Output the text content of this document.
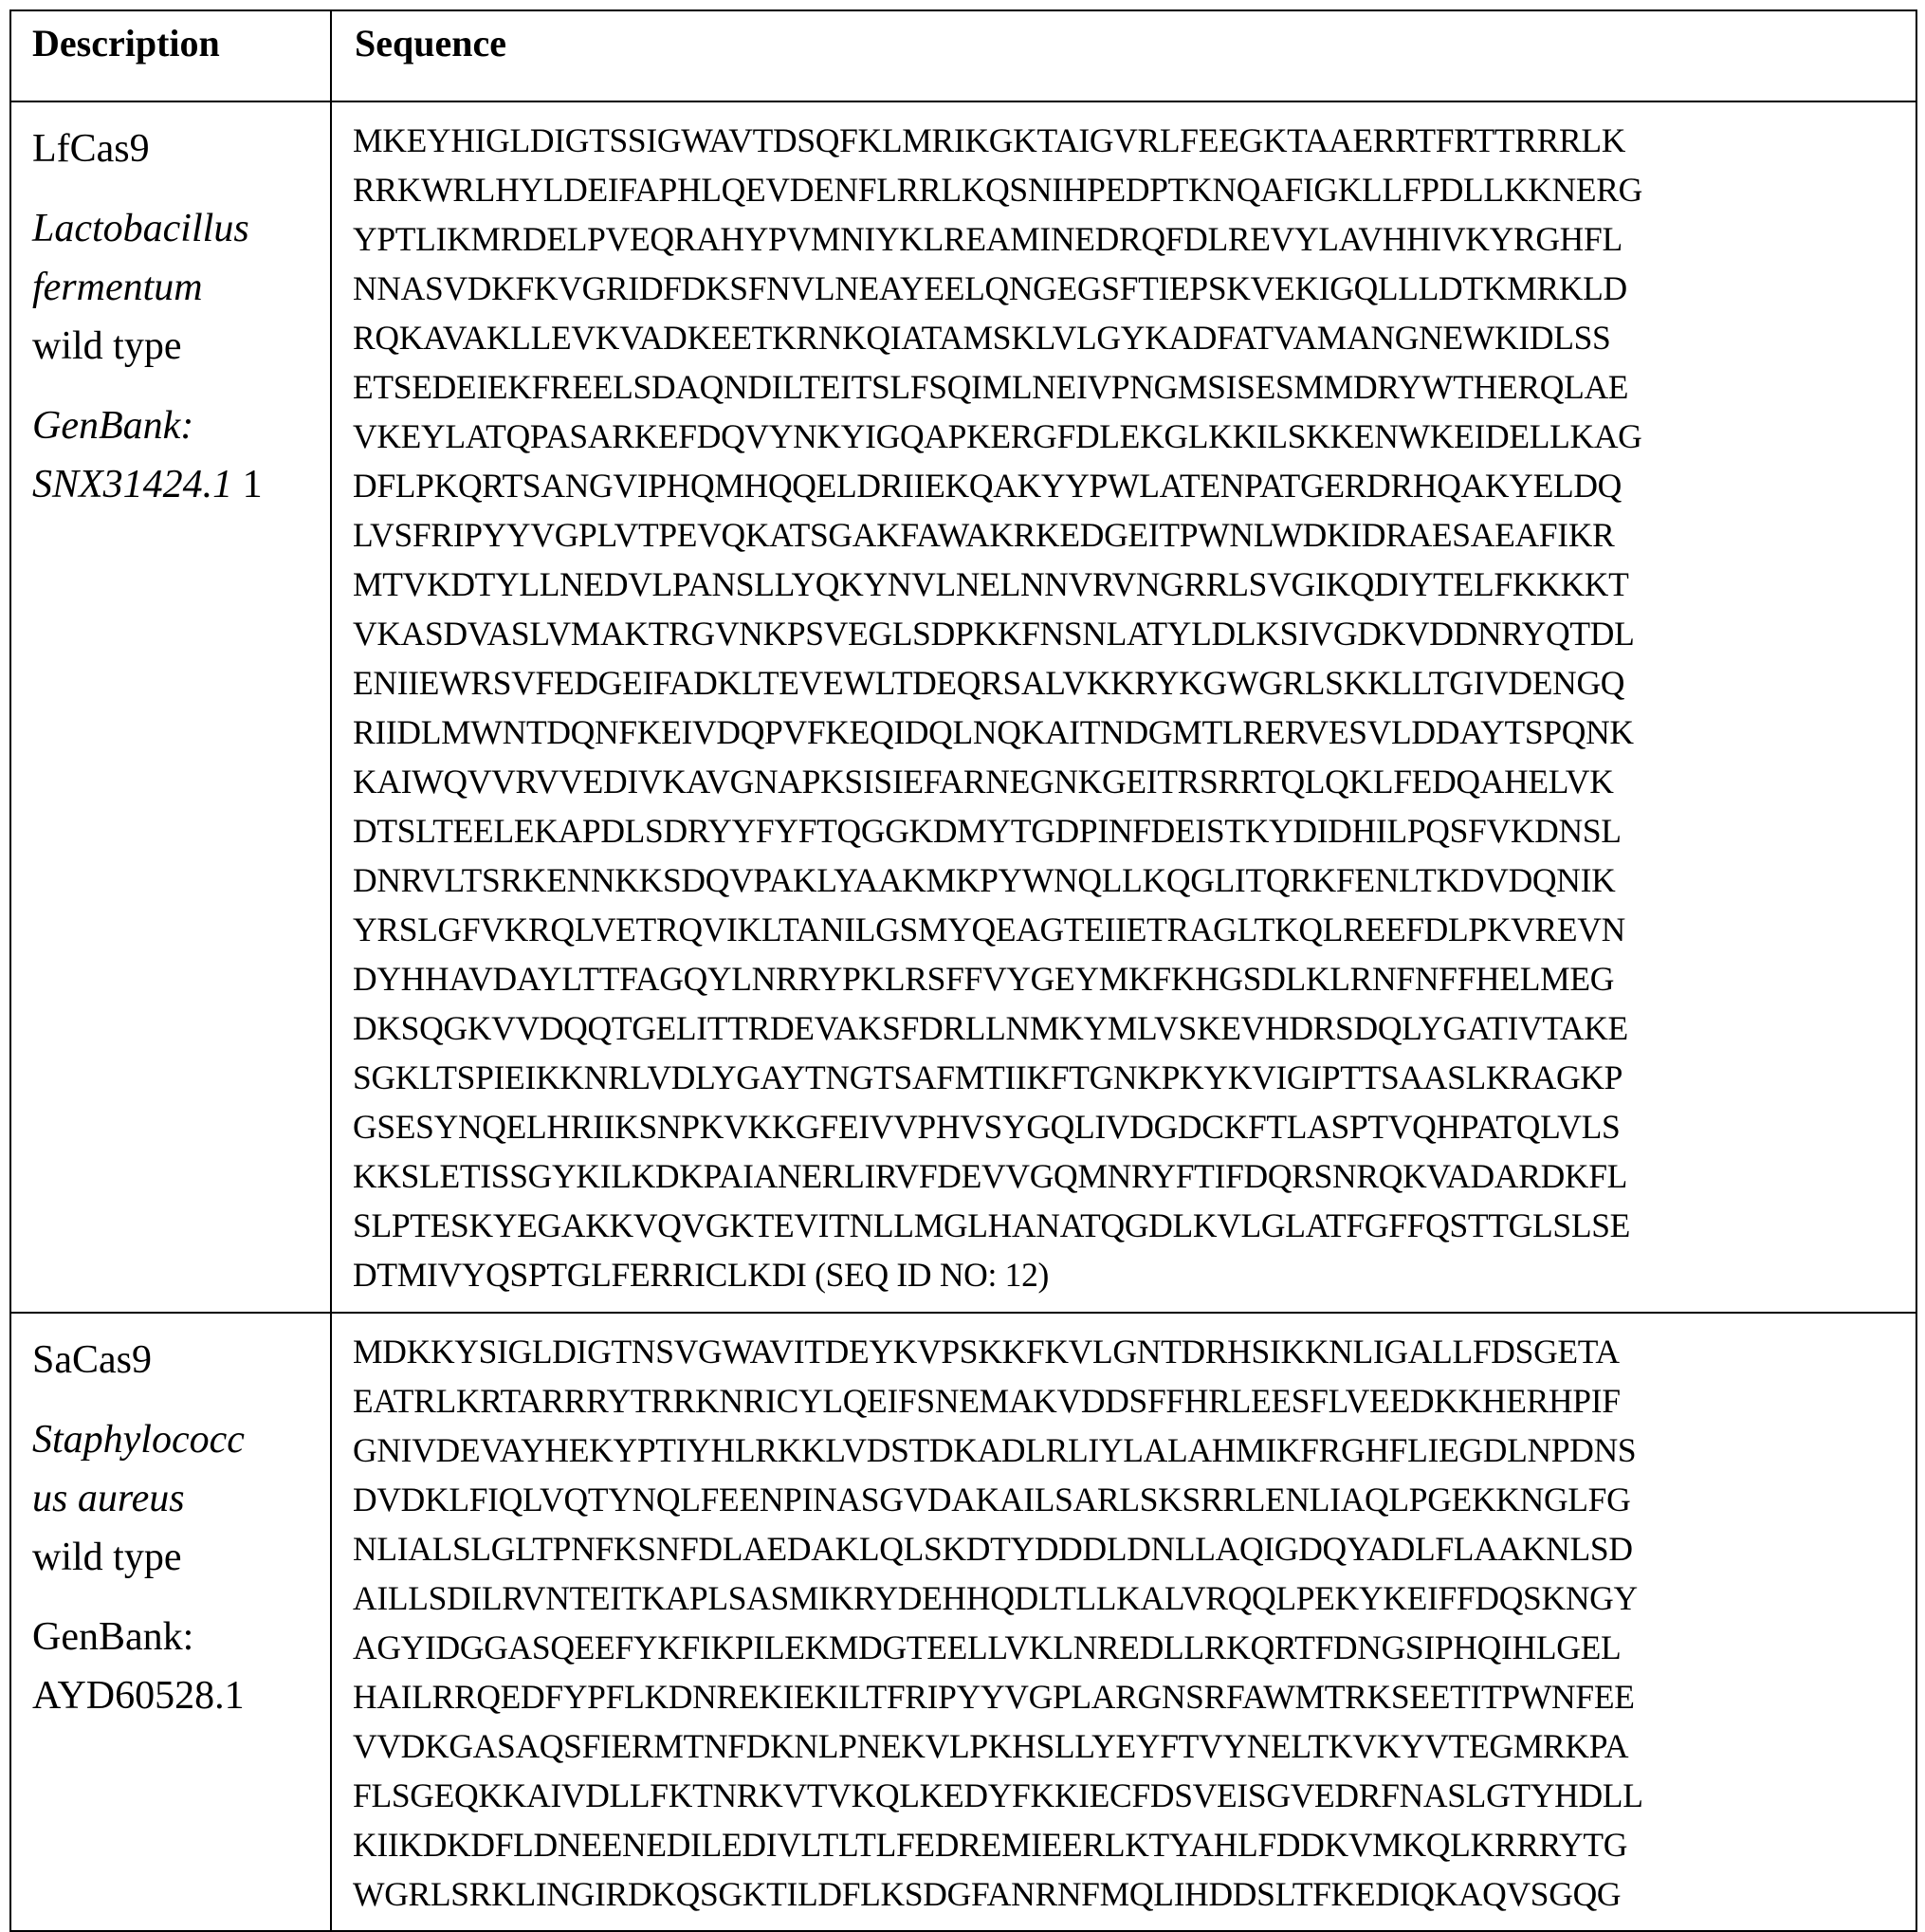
Description	Sequence

LfCas9

Lactobacillus
fermentum
wild type

GenBank:
SNX31424.1 1

MKEYHIGLDIGTSSIGWAVTDSQFKLMRIKGKTAIGVRLFEEGKTAAERRTFRTTRRRLK
RRKWRLHYLDEIFAPHLQEVDENFLRRLKQSNIHPEDPTKNQAFIGKLLFPDLLKKNERG
YPTLIKMRDELPVEQRAHYPVMNIYKLREAMINEDRQFDLREVYLAVHHIVKYRGHFL
NNASVDKFKVGRIDFDKSFNVLNEAYEELQNGEGSFTIEPSKVEKIGQLLLDTKMRKLD
RQKAVAKLLEVKVADKEETKRNKQIATAMSKLVLGYKADFATVAMANGNEWKIDLSS
ETSEDEIEKFREELSDAQNDILTEITSLFSQIMLNEIVPNGMSISESMMDRYWTHERQLAE
VKEYLATQPASARKEFDQVYNKYIGQAPKERGFDLEKGLKKILSKKENWKEIDELLKAG
DFLPKQRTSANGVIPHQMHQQELDRIIEKQAKYYPWLATENPATGERDRHQAKYELDQ
LVSFRIPYYVGPLVTPEVQKATSGAKFAWAKRKEDGEITPWNLWDKIDRAESAEAFIKR
MTVKDTYLLNEDVLPANSLLYQKYNVLNELNNVRVNGRRLSVGIKQDIYTELFKKKKT
VKASDVASLVMAKTRGVNKPSVEGLSDPKKFNSNLATYLDLKSIVGDKVDDNRYQTDL
ENIIEWRSVFEDGEIFADKLTEVEWLTDEQRSALVKKRYKGWGRLSKKLLTGIVDENGQ
RIIDLMWNTDQNFKEIVDQPVFKEQIDQLNQKAITNDGMTLRERVESVLDDAYTSPQNK
KAIWQVVRVVEDIVKAVGNAPKSISIEFARNEGNKGEITRSRRTQLQKLFEDQAHELVK
DTSLTEELEKAPDLSDRYYFYFTQGGKDMYTGDPINFDEISTKYDIDHILPQSFVKDNSL
DNRVLTSRKENNKKSDQVPAKLYAAKMKPYWNQLLKQGLITQRKFENLTKDVDQNIK
YRSLGFVKRQLVETRQVIKLTANILGSMYQEAGTEIIETRAGLTKQLREEFDLPKVREVN
DYHHAVDAYLTTFAGQYLNRRYPKLRSFFVYGEYMKFKHGSDLKLRNFNFFHELMEG
DKSQGKVVDQQTGELITTRDEVAKSFDRLLNMKYMLVSKEVHDRSDQLYGATIVTAKE
SGKLTSPIEIKKNRLVDLYGAYTNGTSAFMTIIKFTGNKPKYKVIGIPTTSAASLKRAGKP
GSESYNQELHRIIKSNPKVKKGFEIVVPHVSYGQLIVDGDCKFTLASPTVQHPATQLVLS
KKSLETISSGYKILKDKPAIANERLIRVFDEVVGQMNRYFTIFDQRSNRQKVADARDKFL
SLPTESKYEGAKKVQVGKTEVITNLLMGLHANATQGDLKVLGLATFGFFQSTTGLSLSE
DTMIVYQSPTGLFERRICLKDI (SEQ ID NO: 12)

SaCas9

Staphylococc
us aureus
wild type

GenBank:
AYD60528.1

MDKKYSIGLDIGTNSVGWAVITDEYKVPSKKFKVLGNTDRHSIKKNLIGALLFDSGETA
EATRLKRTARRRYTRRKNRICYLQEIFSNEMAKVDDSFFHRLEESFLVEEDKKHERHPIF
GNIVDEVAYHEKYPTIYHLRKKLVDSTDKADLRLIYLALAHMIKFRGHFLIEGDLNPDNS
DVDKLFIQLVQTYNQLFEENPINASGVDAKAILSARLSKSRRLENLIAQLPGEKKNGLFG
NLIALSLGLTPNFKSNFDLAEDAKLQLSKDTYDDDLDNLLAQIGDQYADLFLAAKNLSD
AILLSDILRVNTEITKAPLSASMIKRYDEHHQDLTLLKALVRQQLPEKYKEIFFDQSKNGY
AGYIDGGASQEEFYKFIKPILEKMDGTEELLVKLNREDLLRKQRTFDNGSIPHQIHLGEL
HAILRRQEDFYPFLKDNREKIEKILTFRIPYYVGPLARGNSRFAWMTRKSEETITPWNFEE
VVDKGASAQSFIERMTNFDKNLPNEKVLPKHSLLYEYFTVYNELTKVKYVTEGMRKPA
FLSGEQKKAIVDLLFKTNRKVTVKQLKEDYFKKIECFDSVEISGVEDRFNASLGTYHDLL
KIIKDKDFLDNEENEDILEDIVLTLTLFEDREMIEERLKTYAHLFDDKVMKQLKRRRYTG
WGRLSRKLINGIRDKQSGKTILDFLKSDGFANRNFMQLIHDDSLTFKEDIQKAQVSGQG
